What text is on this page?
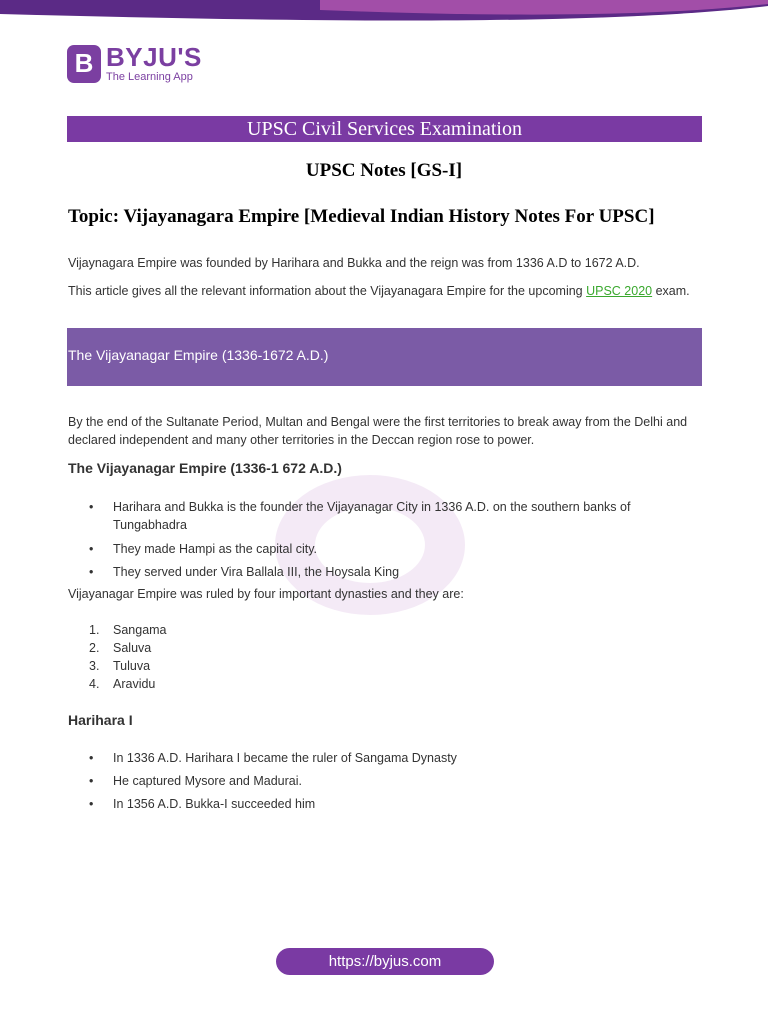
B BYJU'S
The Learning App
UPSC Civil Services Examination
UPSC Notes [GS-I]
Topic: Vijayanagara Empire [Medieval Indian History Notes For UPSC]
Vijaynagara Empire was founded by Harihara and Bukka and the reign was from 1336 A.D to 1672 A.D.
This article gives all the relevant information about the Vijayanagara Empire for the upcoming UPSC 2020 exam.
The Vijayanagar Empire (1336-1672 A.D.)
By the end of the Sultanate Period, Multan and Bengal were the first territories to break away from the Delhi and declared independent and many other territories in the Deccan region rose to power.
The Vijayanagar Empire (1336-1 672 A.D.)
• Harihara and Bukka is the founder the Vijayanagar City in 1336 A.D. on the southern banks of Tungabhadra
• They made Hampi as the capital city.
• They served under Vira Ballala III, the Hoysala King
Vijayanagar Empire was ruled by four important dynasties and they are:
1. Sangama
2. Saluva
3. Tuluva
4. Aravidu
Harihara I
• In 1336 A.D. Harihara I became the ruler of Sangama Dynasty
• He captured Mysore and Madurai.
• In 1356 A.D. Bukka-I succeeded him
https://byjus.com
